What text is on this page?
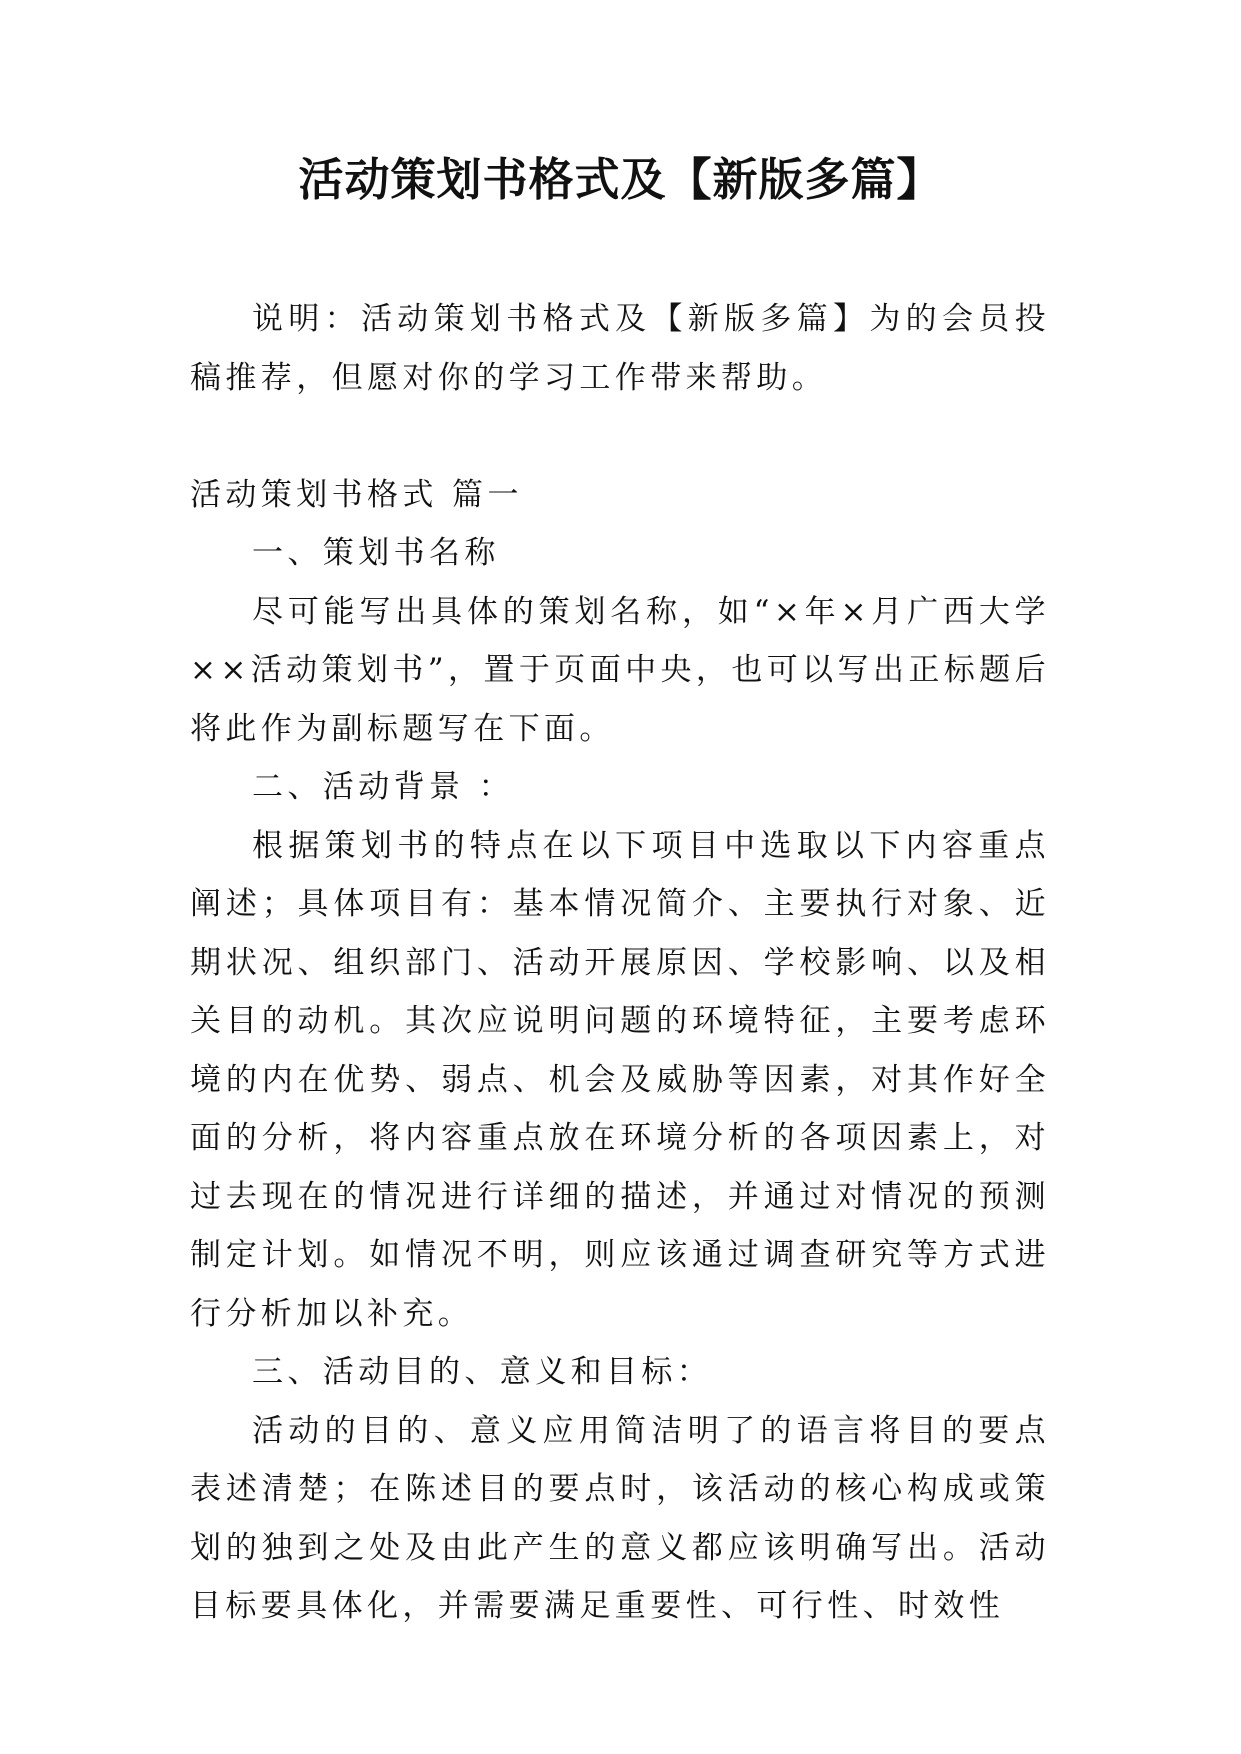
活动策划书格式及【新版多篇】

说明：活动策划书格式及【新版多篇】为的会员投稿推荐，但愿对你的学习工作带来帮助。

活动策划书格式 篇一

一、策划书名称

尽可能写出具体的策划名称，如“×年×月广西大学××活动策划书”，置于页面中央，也可以写出正标题后将此作为副标题写在下面。

二、活动背景 ：

根据策划书的特点在以下项目中选取以下内容重点阐述；具体项目有：基本情况简介、主要执行对象、近期状况、组织部门、活动开展原因、学校影响、以及相关目的动机。其次应说明问题的环境特征，主要考虑环境的内在优势、弱点、机会及威胁等因素，对其作好全面的分析，将内容重点放在环境分析的各项因素上，对过去现在的情况进行详细的描述，并通过对情况的预测制定计划。如情况不明，则应该通过调查研究等方式进行分析加以补充。

三、活动目的、意义和目标：

活动的目的、意义应用简洁明了的语言将目的要点表述清楚；在陈述目的要点时，该活动的核心构成或策划的独到之处及由此产生的意义都应该明确写出。活动目标要具体化，并需要满足重要性、可行性、时效性
